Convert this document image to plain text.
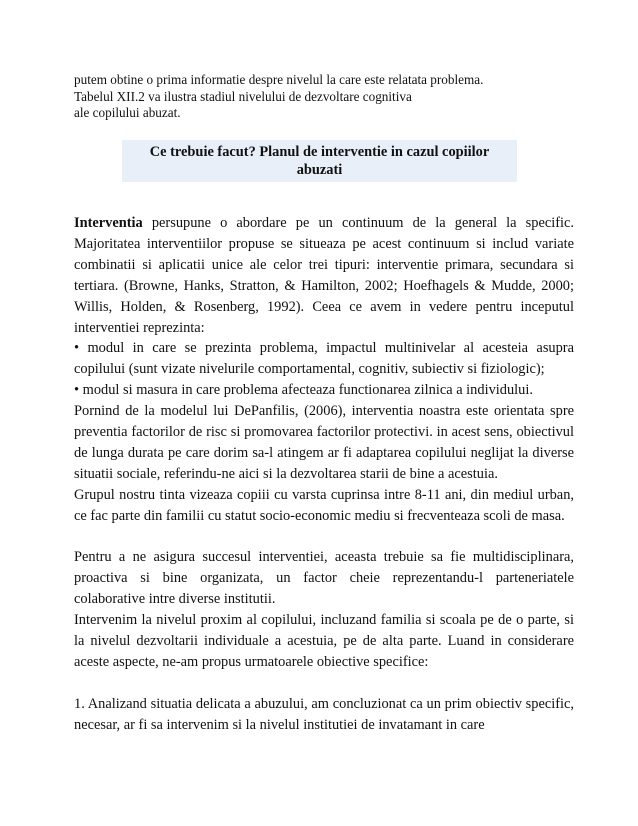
putem obtine o prima informatie despre nivelul la care este relatata problema.
Tabelul XII.2 va ilustra stadiul nivelului de dezvoltare cognitiva
ale copilului abuzat.
Ce trebuie facut? Planul de interventie in cazul copiilor abuzati

Interventia persupune o abordare pe un continuum de la general la specific. Majoritatea interventiilor propuse se situeaza pe acest continuum si includ variate combinatii si aplicatii unice ale celor trei tipuri: interventie primara, secundara si tertiara. (Browne, Hanks, Stratton, & Hamilton, 2002; Hoefhagels & Mudde, 2000; Willis, Holden, & Rosenberg, 1992). Ceea ce avem in vedere pentru inceputul interventiei reprezinta:

• modul in care se prezinta problema, impactul multinivelar al acesteia asupra copilului (sunt vizate nivelurile comportamental, cognitiv, subiectiv si fiziologic);

• modul si masura in care problema afecteaza functionarea zilnica a individului.

Pornind de la modelul lui DePanfilis, (2006), interventia noastra este orientata spre preventia factorilor de risc si promovarea factorilor protectivi. in acest sens, obiectivul de lunga durata pe care dorim sa-l atingem ar fi adaptarea copilului neglijat la diverse situatii sociale, referindu-ne aici si la dezvoltarea starii de bine a acestuia.

Grupul nostru tinta vizeaza copiii cu varsta cuprinsa intre 8-11 ani, din mediul urban, ce fac parte din familii cu statut socio-economic mediu si frecventeaza scoli de masa.

Pentru a ne asigura succesul interventiei, aceasta trebuie sa fie multidisciplinara, proactiva si bine organizata, un factor cheie reprezentandu-l parteneriatele colaborative intre diverse institutii.

Intervenim la nivelul proxim al copilului, incluzand familia si scoala pe de o parte, si la nivelul dezvoltarii individuale a acestuia, pe de alta parte. Luand in considerare aceste aspecte, ne-am propus urmatoarele obiective specifice:

1. Analizand situatia delicata a abuzului, am concluzionat ca un prim obiectiv specific, necesar, ar fi sa intervenim si la nivelul institutiei de invatamant in care
